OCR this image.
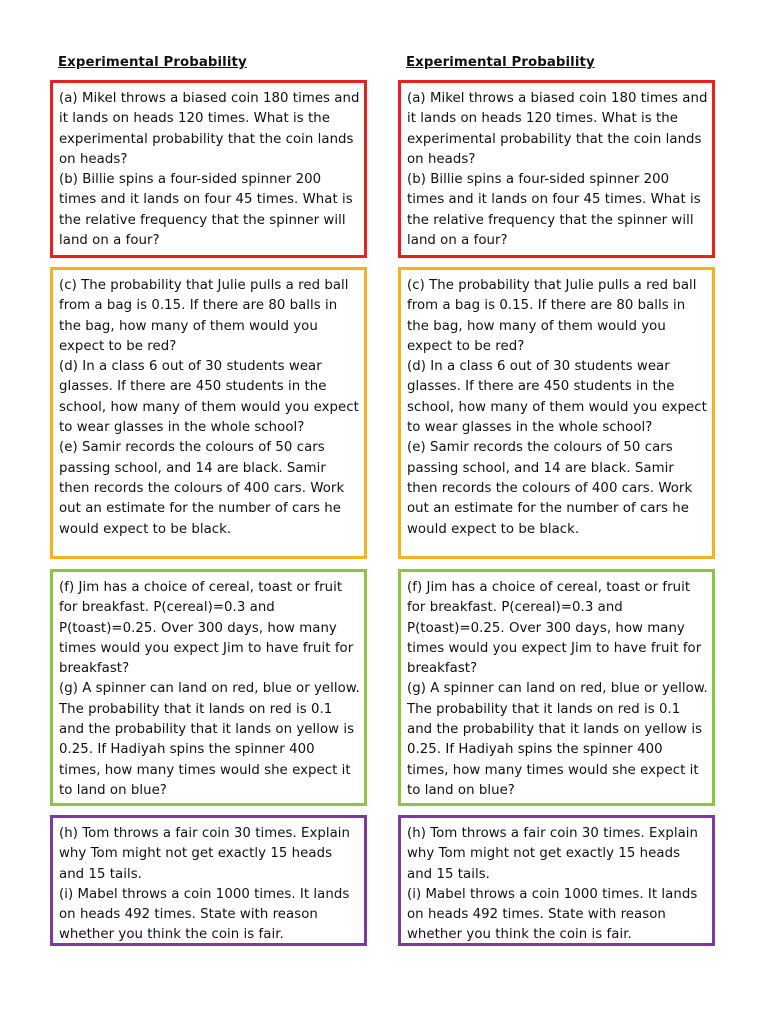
Experimental Probability

(a) Mikel throws a biased coin 180 times and it lands on heads 120 times. What is the experimental probability that the coin lands on heads?

(b) Billie spins a four-sided spinner 200 times and it lands on four 45 times. What is the relative frequency that the spinner will land on a four?

(c) The probability that Julie pulls a red ball from a bag is 0.15. If there are 80 balls in the bag, how many of them would you expect to be red?

(d) In a class 6 out of 30 students wear glasses. If there are 450 students in the school, how many of them would you expect to wear glasses in the whole school?

(e) Samir records the colours of 50 cars passing school, and 14 are black. Samir then records the colours of 400 cars. Work out an estimate for the number of cars he would expect to be black.

(f) Jim has a choice of cereal, toast or fruit for breakfast. P(cereal)=0.3 and P(toast)=0.25. Over 300 days, how many times would you expect Jim to have fruit for breakfast?

(g) A spinner can land on red, blue or yellow. The probability that it lands on red is 0.1 and the probability that it lands on yellow is 0.25. If Hadiyah spins the spinner 400 times, how many times would she expect it to land on blue?

(h) Tom throws a fair coin 30 times. Explain why Tom might not get exactly 15 heads and 15 tails.

(i) Mabel throws a coin 1000 times. It lands on heads 492 times. State with reason whether you think the coin is fair.

Experimental Probability

(a) Mikel throws a biased coin 180 times and it lands on heads 120 times. What is the experimental probability that the coin lands on heads?

(b) Billie spins a four-sided spinner 200 times and it lands on four 45 times. What is the relative frequency that the spinner will land on a four?

(c) The probability that Julie pulls a red ball from a bag is 0.15. If there are 80 balls in the bag, how many of them would you expect to be red?

(d) In a class 6 out of 30 students wear glasses. If there are 450 students in the school, how many of them would you expect to wear glasses in the whole school?

(e) Samir records the colours of 50 cars passing school, and 14 are black. Samir then records the colours of 400 cars. Work out an estimate for the number of cars he would expect to be black.

(f) Jim has a choice of cereal, toast or fruit for breakfast. P(cereal)=0.3 and P(toast)=0.25. Over 300 days, how many times would you expect Jim to have fruit for breakfast?

(g) A spinner can land on red, blue or yellow. The probability that it lands on red is 0.1 and the probability that it lands on yellow is 0.25. If Hadiyah spins the spinner 400 times, how many times would she expect it to land on blue?

(h) Tom throws a fair coin 30 times. Explain why Tom might not get exactly 15 heads and 15 tails.

(i) Mabel throws a coin 1000 times. It lands on heads 492 times. State with reason whether you think the coin is fair.
